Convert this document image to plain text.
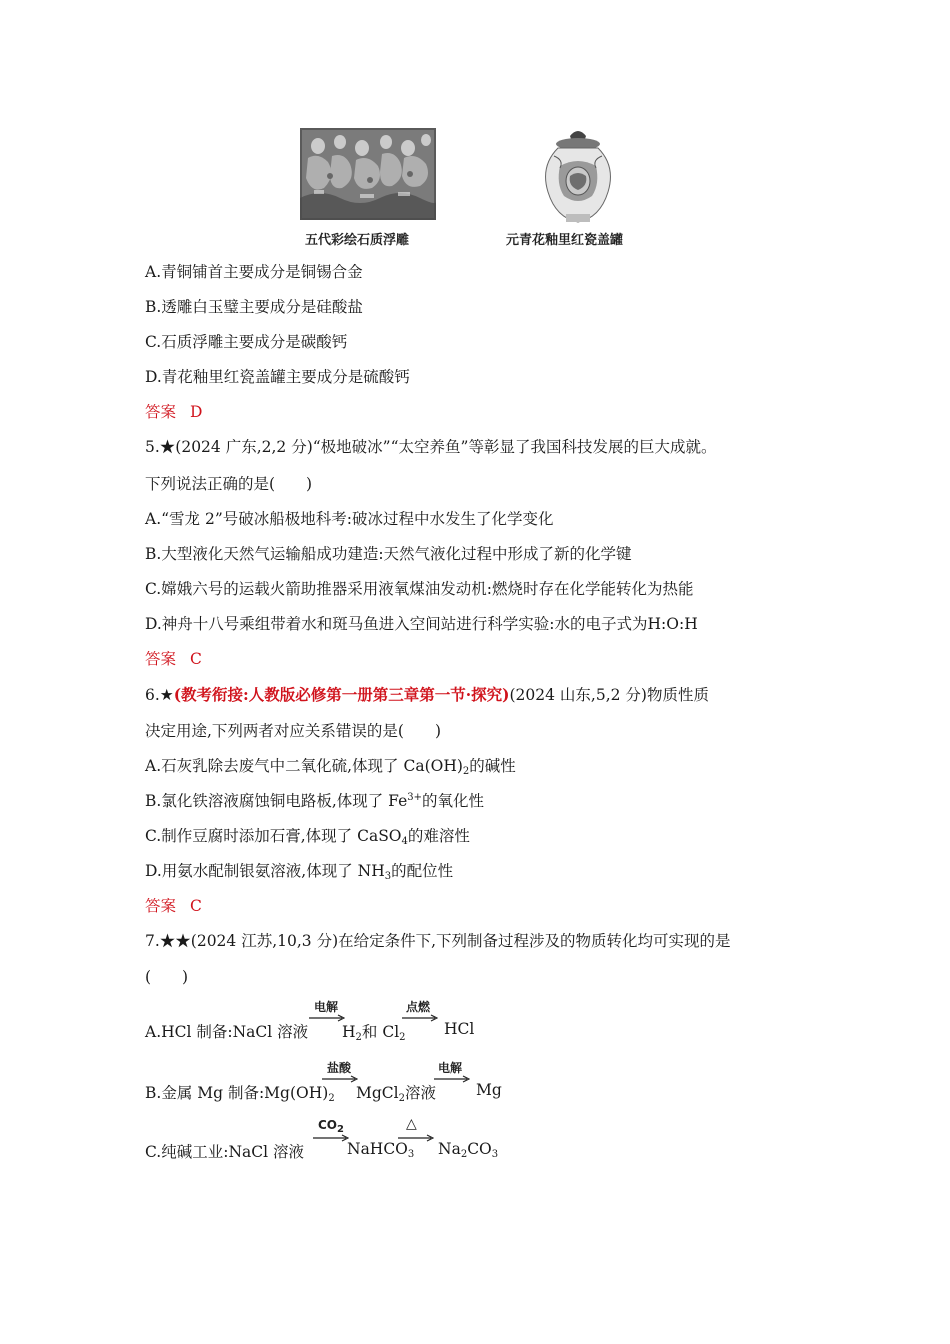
五代彩绘石质浮雕	元青花釉里红瓷盖罐
A.青铜铺首主要成分是铜锡合金
B.透雕白玉璧主要成分是硅酸盐
C.石质浮雕主要成分是碳酸钙
D.青花釉里红瓷盖罐主要成分是硫酸钙
答案 D
5.★(2024 广东,2,2 分)“极地破冰”“太空养鱼”等彰显了我国科技发展的巨大成就。
下列说法正确的是(　　)
A.“雪龙 2”号破冰船极地科考:破冰过程中水发生了化学变化
B.大型液化天然气运输船成功建造:天然气液化过程中形成了新的化学键
C.嫦娥六号的运载火箭助推器采用液氧煤油发动机:燃烧时存在化学能转化为热能
D.神舟十八号乘组带着水和斑马鱼进入空间站进行科学实验:水的电子式为H:O:H
答案 C
6.★(教考衔接:人教版必修第一册第三章第一节·探究)(2024 山东,5,2 分)物质性质
决定用途,下列两者对应关系错误的是(　　)
A.石灰乳除去废气中二氧化硫,体现了 $Ca(OH)_2$的碱性
B.氯化铁溶液腐蚀铜电路板,体现了 $Fe^{3+}$的氧化性
C.制作豆腐时添加石膏,体现了 CaSO$_4$的难溶性
D.用氨水配制银氨溶液,体现了 $NH_3$的配位性
答案 C
7.★★(2024 江苏,10,3 分)在给定条件下,下列制备过程涉及的物质转化均可实现的是
(　　)
A.HCl 制备:NaCl 溶液
电解
$H_2$和 $Cl_2$
点燃
HCl
B.金属 Mg 制备$:Mg(OH)_2$
盐酸
MgCl$_2$溶液
电解
Mg
C.纯碱工业:NaCl 溶液
$CO_2$
NaHCO$_3$
△
$Na_2CO_3$
